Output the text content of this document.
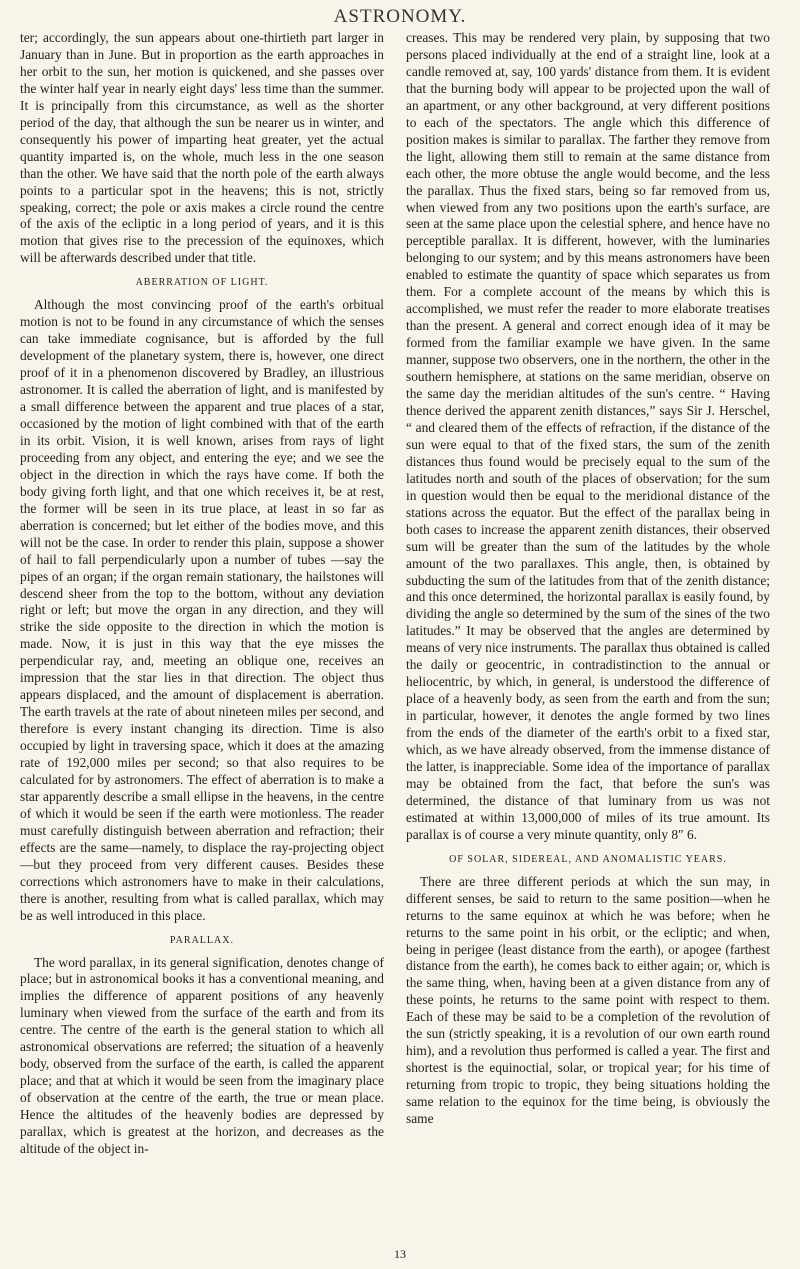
ASTRONOMY.

ter; accordingly, the sun appears about one-thirtieth part larger in January than in June. But in proportion as the earth approaches in her orbit to the sun, her motion is quickened, and she passes over the winter half year in nearly eight days' less time than the summer. It is principally from this circumstance, as well as the shorter period of the day, that although the sun be nearer us in winter, and consequently his power of imparting heat greater, yet the actual quantity imparted is, on the whole, much less in the one season than the other. We have said that the north pole of the earth always points to a particular spot in the heavens; this is not, strictly speaking, correct; the pole or axis makes a circle round the centre of the axis of the ecliptic in a long period of years, and it is this motion that gives rise to the precession of the equinoxes, which will be afterwards described under that title.

ABERRATION OF LIGHT.

Although the most convincing proof of the earth's orbitual motion is not to be found in any circumstance of which the senses can take immediate cognisance, but is afforded by the full development of the planetary system, there is, however, one direct proof of it in a phenomenon discovered by Bradley, an illustrious astronomer. It is called the aberration of light, and is manifested by a small difference between the apparent and true places of a star, occasioned by the motion of light combined with that of the earth in its orbit. Vision, it is well known, arises from rays of light proceeding from any object, and entering the eye; and we see the object in the direction in which the rays have come. If both the body giving forth light, and that one which receives it, be at rest, the former will be seen in its true place, at least in so far as aberration is concerned; but let either of the bodies move, and this will not be the case. In order to render this plain, suppose a shower of hail to fall perpendicularly upon a number of tubes —say the pipes of an organ; if the organ remain stationary, the hailstones will descend sheer from the top to the bottom, without any deviation right or left; but move the organ in any direction, and they will strike the side opposite to the direction in which the motion is made. Now, it is just in this way that the eye misses the perpendicular ray, and, meeting an oblique one, receives an impression that the star lies in that direction. The object thus appears displaced, and the amount of displacement is aberration. The earth travels at the rate of about nineteen miles per second, and therefore is every instant changing its direction. Time is also occupied by light in traversing space, which it does at the amazing rate of 192,000 miles per second; so that also requires to be calculated for by astronomers. The effect of aberration is to make a star apparently describe a small ellipse in the heavens, in the centre of which it would be seen if the earth were motionless. The reader must carefully distinguish between aberration and refraction; their effects are the same—namely, to displace the ray-projecting object—but they proceed from very different causes. Besides these corrections which astronomers have to make in their calculations, there is another, resulting from what is called parallax, which may be as well introduced in this place.

PARALLAX.

The word parallax, in its general signification, denotes change of place; but in astronomical books it has a conventional meaning, and implies the difference of apparent positions of any heavenly luminary when viewed from the surface of the earth and from its centre. The centre of the earth is the general station to which all astronomical observations are referred; the situation of a heavenly body, observed from the surface of the earth, is called the apparent place; and that at which it would be seen from the imaginary place of observation at the centre of the earth, the true or mean place. Hence the altitudes of the heavenly bodies are depressed by parallax, which is greatest at the horizon, and decreases as the altitude of the object in-

creases. This may be rendered very plain, by supposing that two persons placed individually at the end of a straight line, look at a candle removed at, say, 100 yards' distance from them. It is evident that the burning body will appear to be projected upon the wall of an apartment, or any other background, at very different positions to each of the spectators. The angle which this difference of position makes is similar to parallax. The farther they remove from the light, allowing them still to remain at the same distance from each other, the more obtuse the angle would become, and the less the parallax. Thus the fixed stars, being so far removed from us, when viewed from any two positions upon the earth's surface, are seen at the same place upon the celestial sphere, and hence have no perceptible parallax. It is different, however, with the luminaries belonging to our system; and by this means astronomers have been enabled to estimate the quantity of space which separates us from them. For a complete account of the means by which this is accomplished, we must refer the reader to more elaborate treatises than the present. A general and correct enough idea of it may be formed from the familiar example we have given. In the same manner, suppose two observers, one in the northern, the other in the southern hemisphere, at stations on the same meridian, observe on the same day the meridian altitudes of the sun's centre. “ Having thence derived the apparent zenith distances,” says Sir J. Herschel, “ and cleared them of the effects of refraction, if the distance of the sun were equal to that of the fixed stars, the sum of the zenith distances thus found would be precisely equal to the sum of the latitudes north and south of the places of observation; for the sum in question would then be equal to the meridional distance of the stations across the equator. But the effect of the parallax being in both cases to increase the apparent zenith distances, their observed sum will be greater than the sum of the latitudes by the whole amount of the two parallaxes. This angle, then, is obtained by subducting the sum of the latitudes from that of the zenith distance; and this once determined, the horizontal parallax is easily found, by dividing the angle so determined by the sum of the sines of the two latitudes.” It may be observed that the angles are determined by means of very nice instruments. The parallax thus obtained is called the daily or geocentric, in contradistinction to the annual or heliocentric, by which, in general, is understood the difference of place of a heavenly body, as seen from the earth and from the sun; in particular, however, it denotes the angle formed by two lines from the ends of the diameter of the earth's orbit to a fixed star, which, as we have already observed, from the immense distance of the latter, is inappreciable. Some idea of the importance of parallax may be obtained from the fact, that before the sun's was determined, the distance of that luminary from us was not estimated at within 13,000,000 of miles of its true amount. Its parallax is of course a very minute quantity, only 8″ 6.

OF SOLAR, SIDEREAL, AND ANOMALISTIC YEARS.

There are three different periods at which the sun may, in different senses, be said to return to the same position—when he returns to the same equinox at which he was before; when he returns to the same point in his orbit, or the ecliptic; and when, being in perigee (least distance from the earth), or apogee (farthest distance from the earth), he comes back to either again; or, which is the same thing, when, having been at a given distance from any of these points, he returns to the same point with respect to them. Each of these may be said to be a completion of the revolution of the sun (strictly speaking, it is a revolution of our own earth round him), and a revolution thus performed is called a year. The first and shortest is the equinoctial, solar, or tropical year; for his time of returning from tropic to tropic, they being situations holding the same relation to the equinox for the time being, is obviously the same

13
